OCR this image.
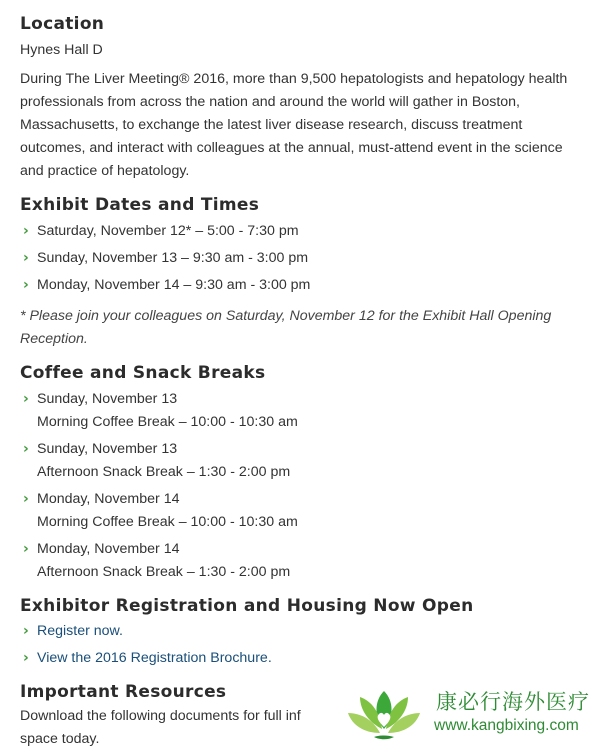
Location
Hynes Hall D
During The Liver Meeting® 2016, more than 9,500 hepatologists and hepatology health professionals from across the nation and around the world will gather in Boston, Massachusetts, to exchange the latest liver disease research, discuss treatment outcomes, and interact with colleagues at the annual, must-attend event in the science and practice of hepatology.
Exhibit Dates and Times
› Saturday, November 12* – 5:00 - 7:30 pm
› Sunday, November 13 – 9:30 am - 3:00 pm
› Monday, November 14 – 9:30 am - 3:00 pm
* Please join your colleagues on Saturday, November 12 for the Exhibit Hall Opening Reception.
Coffee and Snack Breaks
› Sunday, November 13
Morning Coffee Break – 10:00 - 10:30 am
› Sunday, November 13
Afternoon Snack Break – 1:30 - 2:00 pm
› Monday, November 14
Morning Coffee Break – 10:00 - 10:30 am
› Monday, November 14
Afternoon Snack Break – 1:30 - 2:00 pm
Exhibitor Registration and Housing Now Open
› Register now.
› View the 2016 Registration Brochure.
Important Resources
Download the following documents for full inf
space today.
康必行海外医疗
www.kangbixing.com
